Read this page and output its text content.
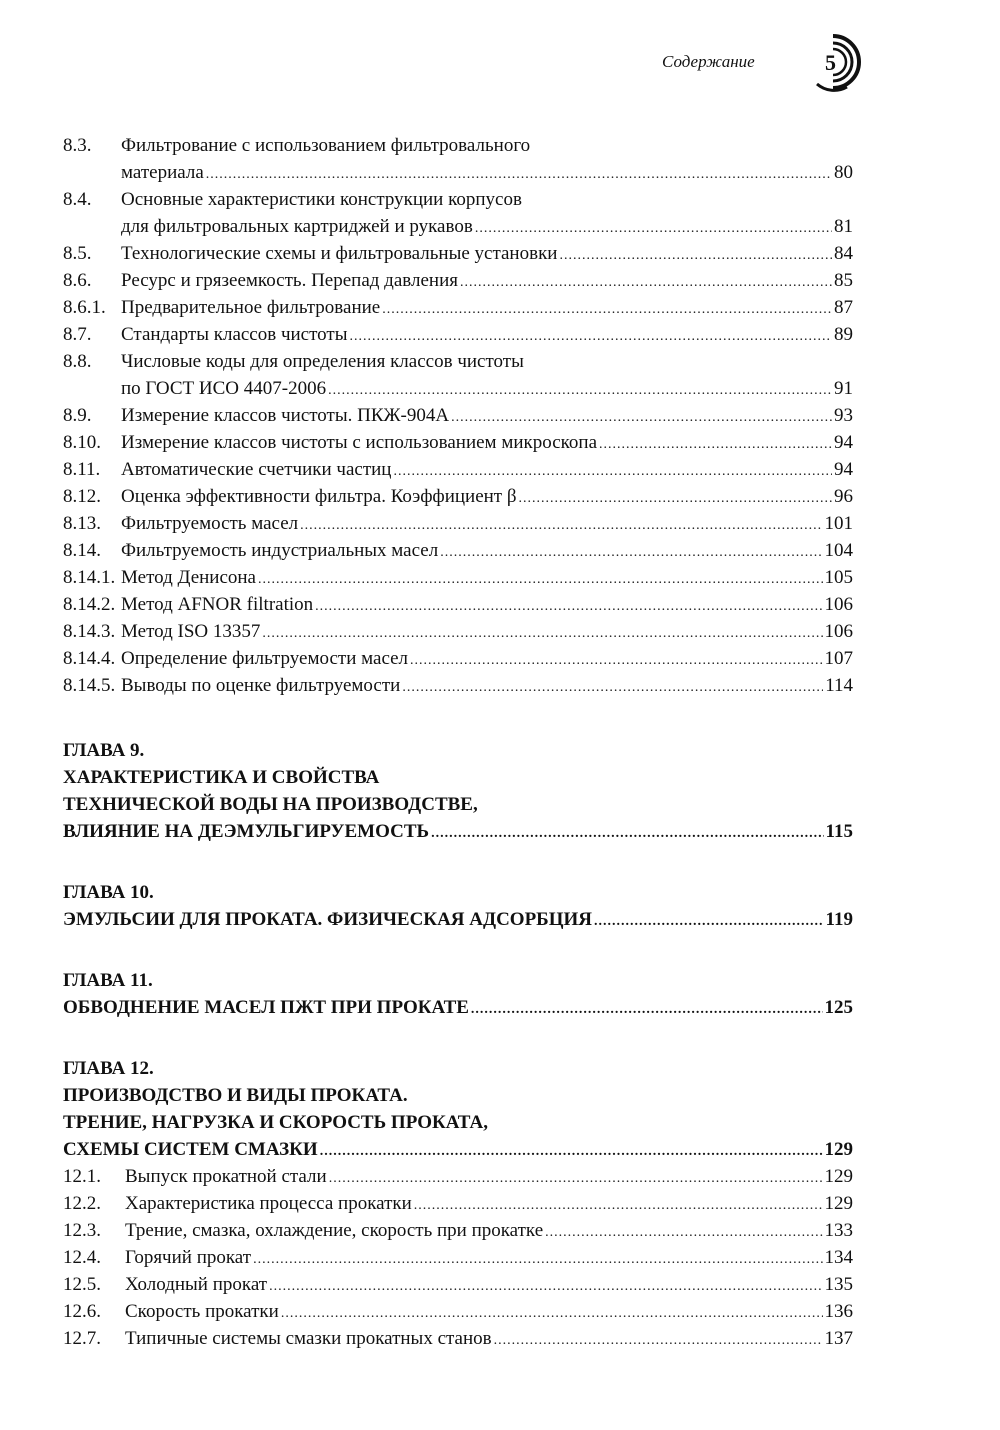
Содержание	5
8.3.	Фильтрование с использованием фильтровального
материала .....	80
8.4.	Основные характеристики конструкции корпусов
для фильтровальных картриджей и рукавов .....	81
8.5.	Технологические схемы и фильтровальные установки .....	84
8.6.	Ресурс и грязеемкость. Перепад давления .....	85
8.6.1. Предварительное фильтрование .....	87
8.7.	Стандарты классов чистоты .....	89
8.8.	Числовые коды для определения классов чистоты
по ГОСТ ИСО 4407-2006 .....	91
8.9.	Измерение классов чистоты. ПКЖ-904А .....	93
8.10.	Измерение классов чистоты с использованием микроскопа .....	94
8.11.	Автоматические счетчики частиц .....	94
8.12.	Оценка эффективности фильтра. Коэффициент β .....	96
8.13.	Фильтруемость масел .....	101
8.14.	Фильтруемость индустриальных масел .....	104
8.14.1. Метод Денисона .....	105
8.14.2. Метод AFNOR filtration .....	106
8.14.3. Метод ISO 13357 .....	106
8.14.4. Определение фильтруемости масел .....	107
8.14.5. Выводы по оценке фильтруемости .....	114
ГЛАВА 9.
ХАРАКТЕРИСТИКА И СВОЙСТВА
ТЕХНИЧЕСКОЙ ВОДЫ НА ПРОИЗВОДСТВЕ,
ВЛИЯНИЕ НА ДЕЭМУЛЬГИРУЕМОСТЬ .....	115
ГЛАВА 10.
ЭМУЛЬСИИ ДЛЯ ПРОКАТА. ФИЗИЧЕСКАЯ АДСОРБЦИЯ .....	119
ГЛАВА 11.
ОБВОДНЕНИЕ МАСЕЛ ПЖТ ПРИ ПРОКАТЕ .....	125
ГЛАВА 12.
ПРОИЗВОДСТВО И ВИДЫ ПРОКАТА.
ТРЕНИЕ, НАГРУЗКА И СКОРОСТЬ ПРОКАТА,
СХЕМЫ СИСТЕМ СМАЗКИ .....	129
12.1.	Выпуск прокатной стали .....	129
12.2.	Характеристика процесса прокатки .....	129
12.3.	Трение, смазка, охлаждение, скорость при прокатке .....	133
12.4.	Горячий прокат .....	134
12.5.	Холодный прокат .....	135
12.6.	Скорость прокатки .....	136
12.7.	Типичные системы смазки прокатных станов .....	137
